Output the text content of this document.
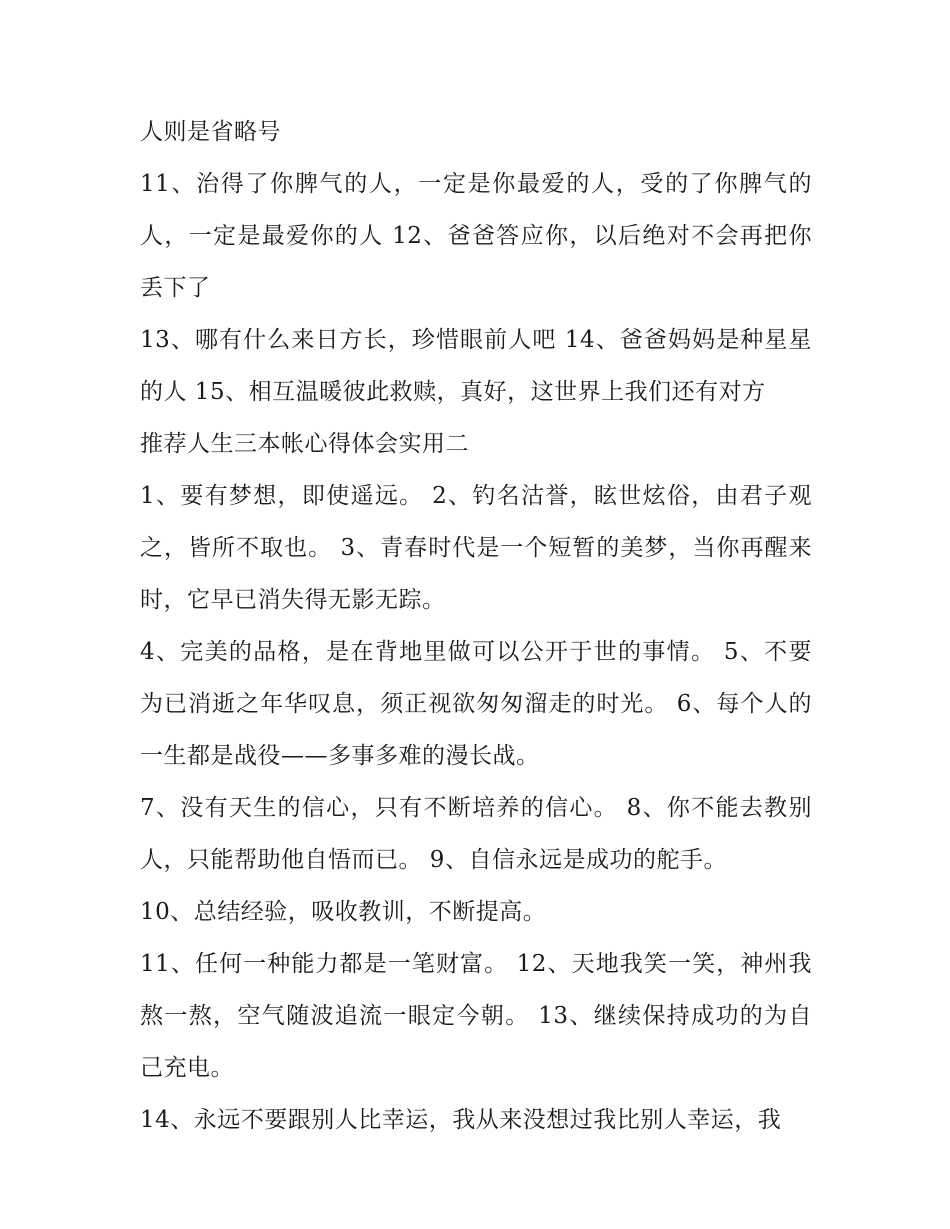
人则是省略号

11、治得了你脾气的人，一定是你最爱的人，受的了你脾气的人，一定是最爱你的人 12、爸爸答应你，以后绝对不会再把你丢下了

13、哪有什么来日方长，珍惜眼前人吧 14、爸爸妈妈是种星星的人 15、相互温暖彼此救赎，真好，这世界上我们还有对方

推荐人生三本帐心得体会实用二

1、要有梦想，即使遥远。 2、钓名沽誉，眩世炫俗，由君子观之，皆所不取也。 3、青春时代是一个短暂的美梦，当你再醒来时，它早已消失得无影无踪。

4、完美的品格，是在背地里做可以公开于世的事情。 5、不要为已消逝之年华叹息，须正视欲匆匆溜走的时光。 6、每个人的一生都是战役——多事多难的漫长战。

7、没有天生的信心，只有不断培养的信心。 8、你不能去教别人，只能帮助他自悟而已。 9、自信永远是成功的舵手。

10、总结经验，吸收教训，不断提高。

11、任何一种能力都是一笔财富。 12、天地我笑一笑，神州我熬一熬，空气随波追流一眼定今朝。 13、继续保持成功的为自己充电。

14、永远不要跟别人比幸运，我从来没想过我比别人幸运，我
